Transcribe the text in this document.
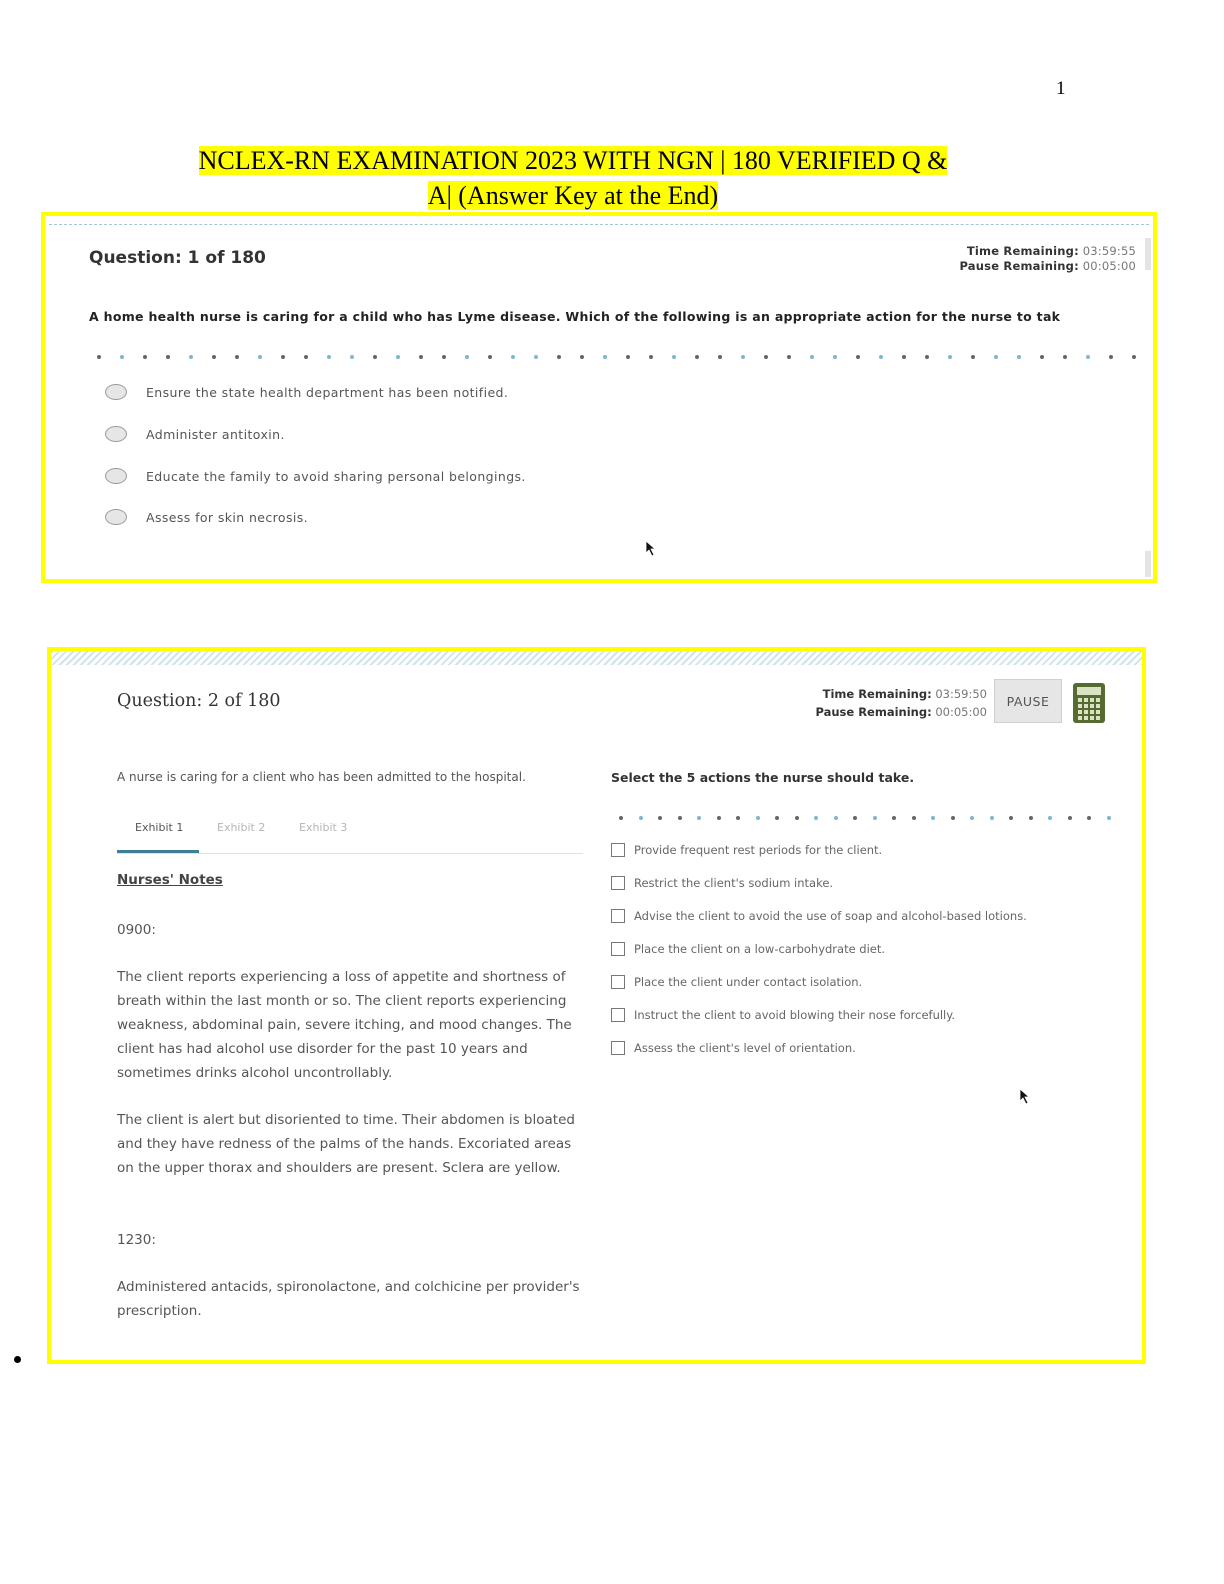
1
NCLEX-RN EXAMINATION 2023 WITH NGN | 180 VERIFIED Q &
A| (Answer Key at the End)
Question: 1 of 180	Time Remaining: 03:59:55
Pause Remaining: 00:05:00
A home health nurse is caring for a child who has Lyme disease. Which of the following is an appropriate action for the nurse to tak
Ensure the state health department has been notified.
Administer antitoxin.
Educate the family to avoid sharing personal belongings.
Assess for skin necrosis.
Question: 2 of 180	Time Remaining: 03:59:50
Pause Remaining: 00:05:00
PAUSE
A nurse is caring for a client who has been admitted to the hospital.
Exhibit 1	Exhibit 2	Exhibit 3
Nurses' Notes
0900:
The client reports experiencing a loss of appetite and shortness of breath within the last month or so. The client reports experiencing weakness, abdominal pain, severe itching, and mood changes. The client has had alcohol use disorder for the past 10 years and sometimes drinks alcohol uncontrollably.
The client is alert but disoriented to time. Their abdomen is bloated and they have redness of the palms of the hands. Excoriated areas on the upper thorax and shoulders are present. Sclera are yellow.
1230:
Administered antacids, spironolactone, and colchicine per provider's prescription.
Select the 5 actions the nurse should take.
Provide frequent rest periods for the client.
Restrict the client's sodium intake.
Advise the client to avoid the use of soap and alcohol-based lotions.
Place the client on a low-carbohydrate diet.
Place the client under contact isolation.
Instruct the client to avoid blowing their nose forcefully.
Assess the client's level of orientation.
